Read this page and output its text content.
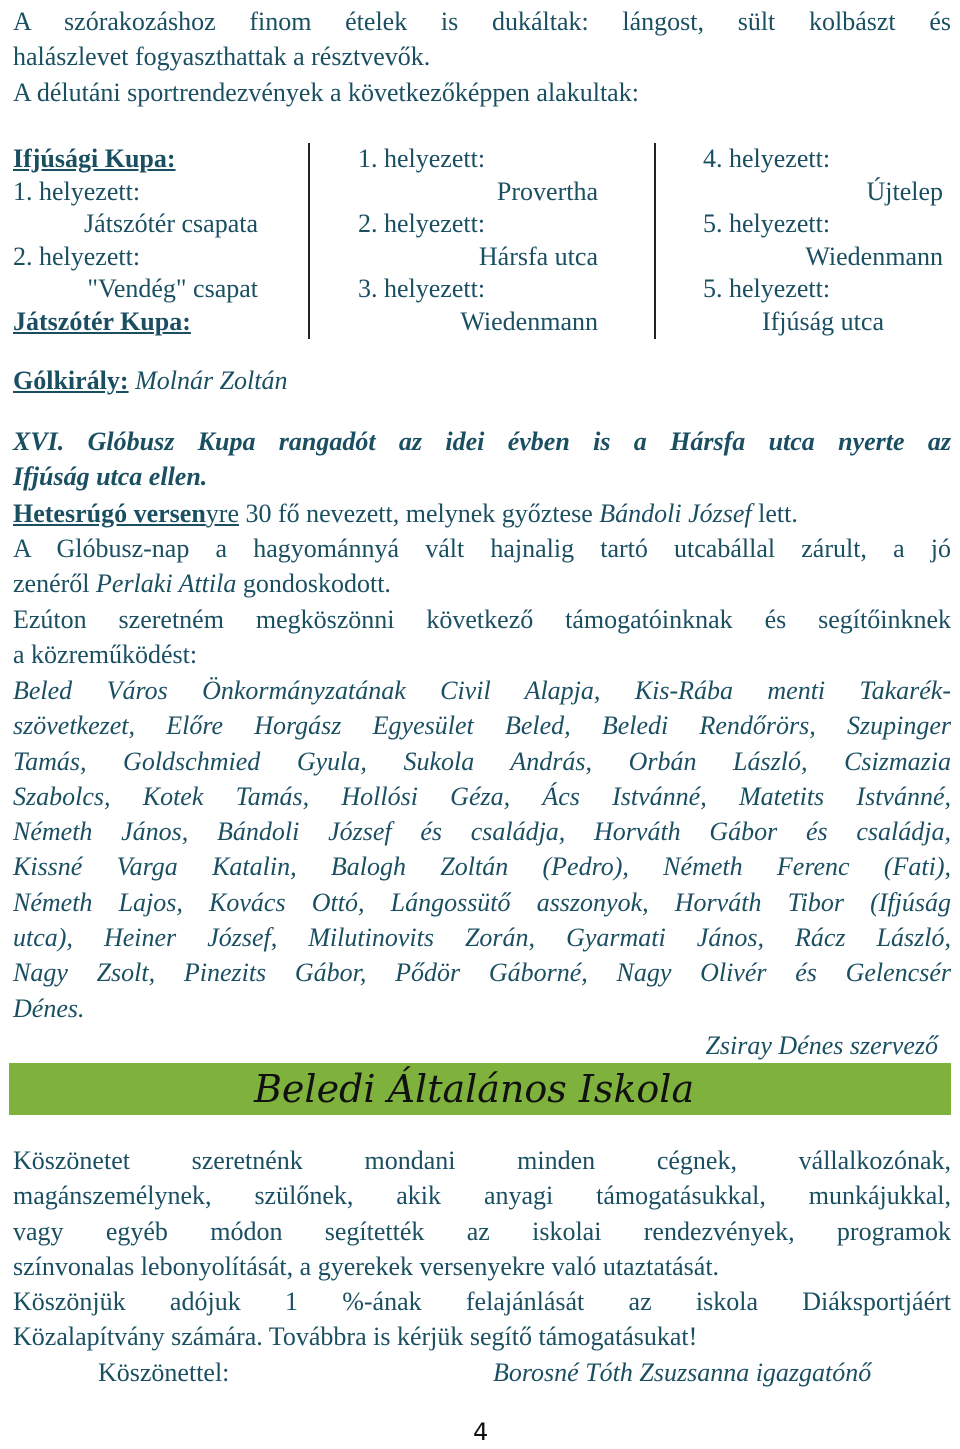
A szórakozáshoz finom ételek is dukáltak: lángost, sült kolbászt és
halászlevet fogyaszthattak a résztvevők.
A délutáni sportrendezvények a következőképpen alakultak:
Ifjúsági Kupa:
1. helyezett:
Játszótér csapata
2. helyezett:
"Vendég" csapat
Játszótér Kupa:
1. helyezett:
Provertha
2. helyezett:
Hársfa utca
3. helyezett:
Wiedenmann
4. helyezett:
Újtelep
5. helyezett:
Wiedenmann
5. helyezett:
Ifjúság utca
Gólkirály: Molnár Zoltán
XVI. Glóbusz Kupa rangadót az idei évben is a Hársfa utca nyerte az
Ifjúság utca ellen.
Hetesrúgó versenyre 30 fő nevezett, melynek győztese Bándoli József lett.
A Glóbusz-nap a hagyománnyá vált hajnalig tartó utcabállal zárult, a jó
zenéről Perlaki Attila gondoskodott.
Ezúton szeretném megköszönni következő támogatóinknak és segítőinknek
a közreműködést:
Beled Város Önkormányzatának Civil Alapja, Kis-Rába menti Takarék-
szövetkezet, Előre Horgász Egyesület Beled, Beledi Rendőrörs, Szupinger
Tamás, Goldschmied Gyula, Sukola András, Orbán László, Csizmazia
Szabolcs, Kotek Tamás, Hollósi Géza, Ács Istvánné, Matetits Istvánné,
Németh János, Bándoli József és családja, Horváth Gábor és családja,
Kissné Varga Katalin, Balogh Zoltán (Pedro), Németh Ferenc (Fati),
Németh Lajos, Kovács Ottó, Lángossütő asszonyok, Horváth Tibor (Ifjúság
utca), Heiner József, Milutinovits Zorán, Gyarmati János, Rácz László,
Nagy Zsolt, Pinezits Gábor, Pődör Gáborné, Nagy Olivér és Gelencsér
Dénes.
Zsiray Dénes szervező
Beledi Általános Iskola
Köszönetet szeretnénk mondani minden cégnek, vállalkozónak,
magánszemélynek, szülőnek, akik anyagi támogatásukkal, munkájukkal,
vagy egyéb módon segítették az iskolai rendezvények, programok
színvonalas lebonyolítását, a gyerekek versenyekre való utaztatását.
Köszönjük adójuk 1 %-ának felajánlását az iskola Diáksportjáért
Közalapítvány számára. Továbbra is kérjük segítő támogatásukat!
Köszönettel:	Borosné Tóth Zsuzsanna igazgatónő
4
